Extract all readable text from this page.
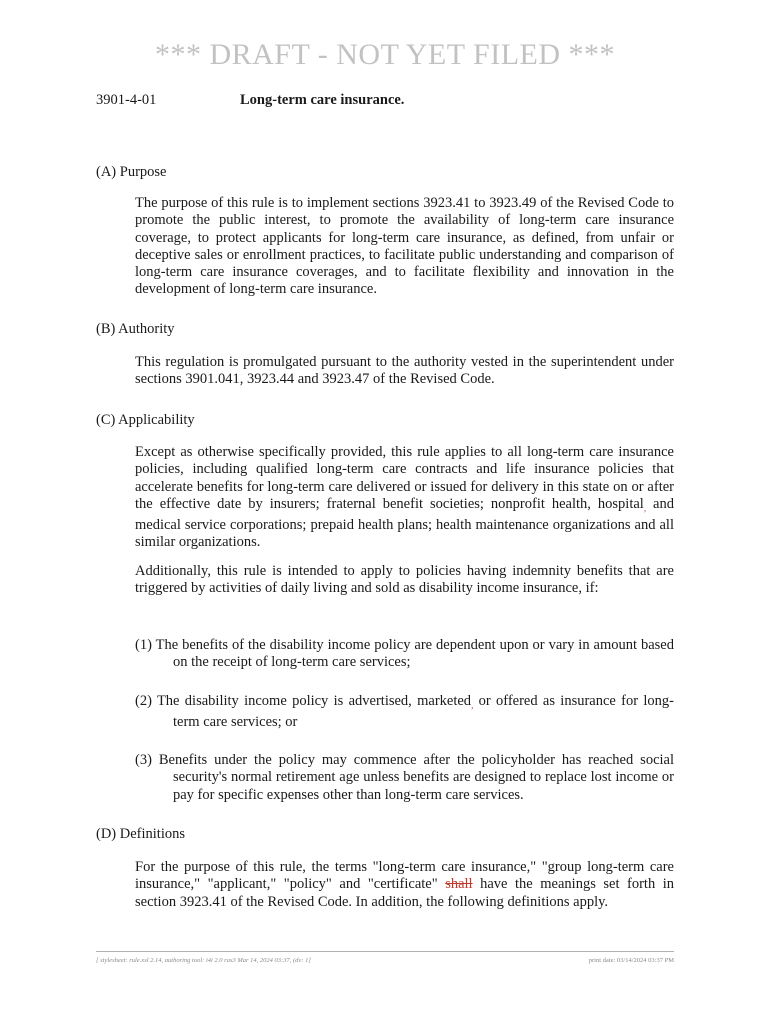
*** DRAFT - NOT YET FILED ***
3901-4-01	Long-term care insurance.
(A) Purpose
The purpose of this rule is to implement sections 3923.41 to 3923.49 of the Revised Code to promote the public interest, to promote the availability of long-term care insurance coverage, to protect applicants for long-term care insurance, as defined, from unfair or deceptive sales or enrollment practices, to facilitate public understanding and comparison of long-term care insurance coverages, and to facilitate flexibility and innovation in the development of long-term care insurance.
(B) Authority
This regulation is promulgated pursuant to the authority vested in the superintendent under sections 3901.041, 3923.44 and 3923.47 of the Revised Code.
(C) Applicability
Except as otherwise specifically provided, this rule applies to all long-term care insurance policies, including qualified long-term care contracts and life insurance policies that accelerate benefits for long-term care delivered or issued for delivery in this state on or after the effective date by insurers; fraternal benefit societies; nonprofit health, hospital$_,$ and medical service corporations; prepaid health plans; health maintenance organizations and all similar organizations.
Additionally, this rule is intended to apply to policies having indemnity benefits that are triggered by activities of daily living and sold as disability income insurance, if:
(1) The benefits of the disability income policy are dependent upon or vary in amount based on the receipt of long-term care services;
(2) The disability income policy is advertised, marketed$_,$ or offered as insurance for long-term care services; or
(3) Benefits under the policy may commence after the policyholder has reached social security's normal retirement age unless benefits are designed to replace lost income or pay for specific expenses other than long-term care services.
(D) Definitions
For the purpose of this rule, the terms "long-term care insurance," "group long-term care insurance," "applicant," "policy" and "certificate" shall have the meanings set forth in section 3923.41 of the Revised Code. In addition, the following definitions apply.
[ stylesheet: rule.xsl 2.14, authoring tool: i4i 2.0 ras3 Mar 14, 2024 03:37, (dv: 1]	print date: 03/14/2024 03:37 PM
